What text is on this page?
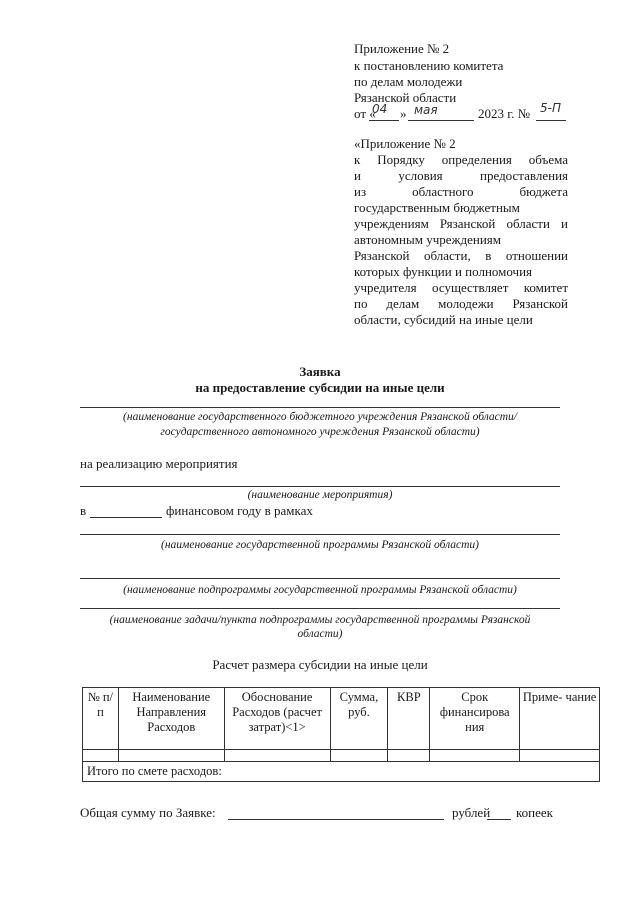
Приложение № 2
к постановлению комитета
по делам молодежи
Рязанской области
от «
04 » мая	2023 г. № 5-П
«Приложение № 2
к Порядку определения объема
и условия предоставления
из областного бюджета
государственным бюджетным
учреждениям Рязанской области и
автономным учреждениям
Рязанской области, в отношении
которых функции и полномочия
учредителя осуществляет комитет
по делам молодежи Рязанской
области, субсидий на иные цели
Заявка
на предоставление субсидии на иные цели
(наименование государственного бюджетного учреждения Рязанской области/
государственного автономного учреждения Рязанской области)
на реализацию мероприятия
(наименование мероприятия)
в	финансовом году в рамках
(наименование государственной программы Рязанской области)
(наименование подпрограммы государственной программы Рязанской области)
(наименование задачи/пункта подпрограммы государственной программы Рязанской
области)
Расчет размера субсидии на иные цели
№ п/п	Наименование Направления Расходов	Обоснование Расходов (расчет затрат)<1>	Сумма, руб.	КВР	Срок финансирова ния	Приме- чание

Итого по смете расходов:						
Общая сумму по Заявке:	рублей копеек
